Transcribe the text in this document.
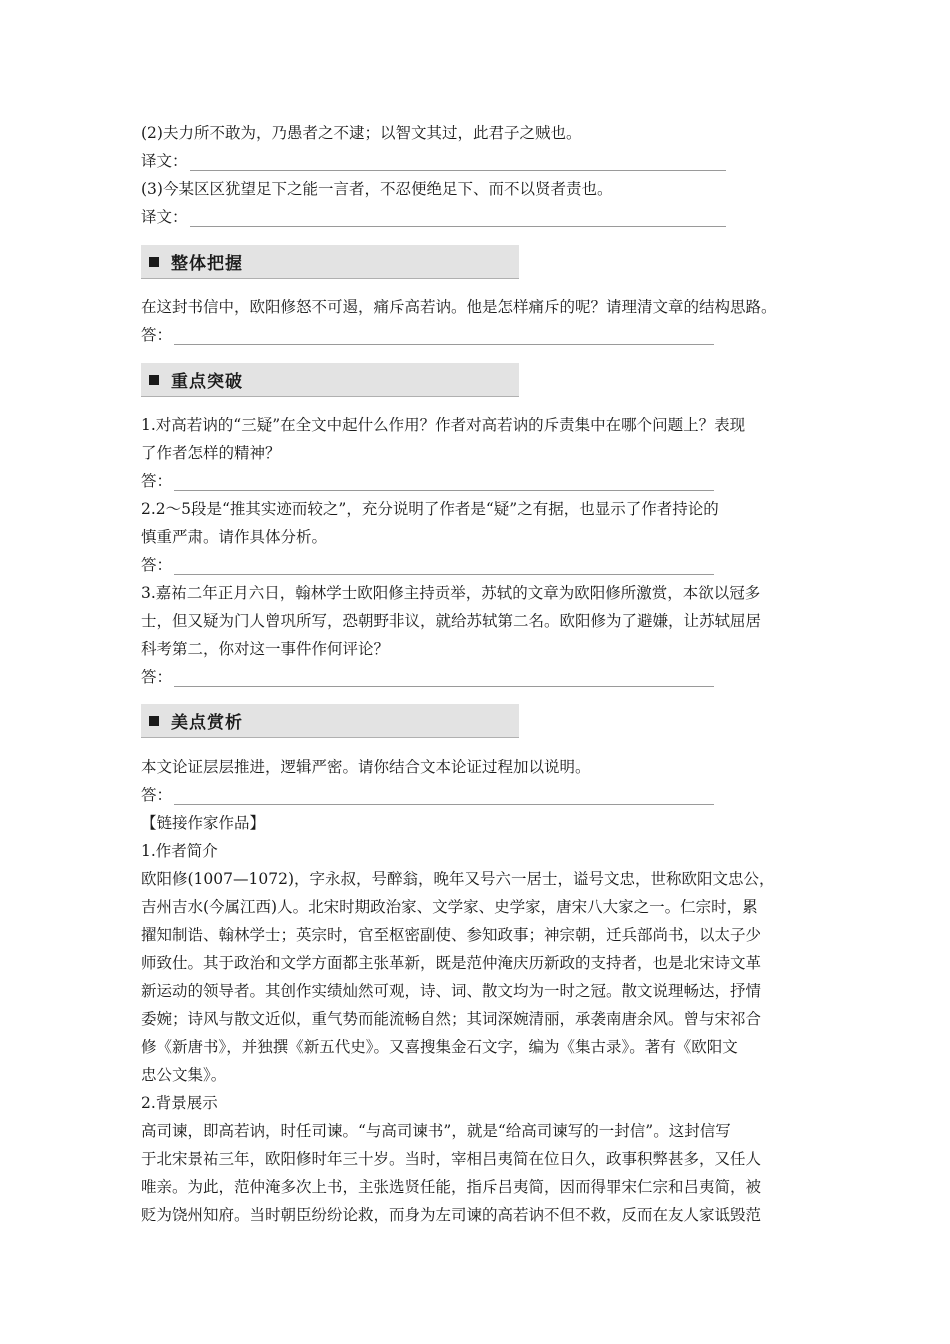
(2)夫力所不敢为，乃愚者之不逮；以智文其过，此君子之贼也。
译文：
(3)今某区区犹望足下之能一言者，不忍便绝足下、而不以贤者责也。
译文：
整体把握
在这封书信中，欧阳修怒不可遏，痛斥高若讷。他是怎样痛斥的呢？请理清文章的结构思路。
答：
重点突破
1.对高若讷的“三疑”在全文中起什么作用？作者对高若讷的斥责集中在哪个问题上？表现
了作者怎样的精神？
答：
2.2～5段是“推其实迹而较之”，充分说明了作者是“疑”之有据，也显示了作者持论的
慎重严肃。请作具体分析。
答：
3.嘉祐二年正月六日，翰林学士欧阳修主持贡举，苏轼的文章为欧阳修所激赏，本欲以冠多
士，但又疑为门人曾巩所写，恐朝野非议，就给苏轼第二名。欧阳修为了避嫌，让苏轼屈居
科考第二，你对这一事件作何评论？
答：
美点赏析
本文论证层层推进，逻辑严密。请你结合文本论证过程加以说明。
答：
【链接作家作品】
1.作者简介
欧阳修(1007—1072)，字永叔，号醉翁，晚年又号六一居士，谥号文忠，世称欧阳文忠公，
吉州吉水(今属江西)人。北宋时期政治家、文学家、史学家，唐宋八大家之一。仁宗时，累
擢知制诰、翰林学士；英宗时，官至枢密副使、参知政事；神宗朝，迁兵部尚书，以太子少
师致仕。其于政治和文学方面都主张革新，既是范仲淹庆历新政的支持者，也是北宋诗文革
新运动的领导者。其创作实绩灿然可观，诗、词、散文均为一时之冠。散文说理畅达，抒情
委婉；诗风与散文近似，重气势而能流畅自然；其词深婉清丽，承袭南唐余风。曾与宋祁合
修《新唐书》，并独撰《新五代史》。又喜搜集金石文字，编为《集古录》。著有《欧阳文
忠公文集》。
2.背景展示
高司谏，即高若讷，时任司谏。“与高司谏书”，就是“给高司谏写的一封信”。这封信写
于北宋景祐三年，欧阳修时年三十岁。当时，宰相吕夷简在位日久，政事积弊甚多，又任人
唯亲。为此，范仲淹多次上书，主张选贤任能，指斥吕夷简，因而得罪宋仁宗和吕夷简，被
贬为饶州知府。当时朝臣纷纷论救，而身为左司谏的高若讷不但不救，反而在友人家诋毁范
